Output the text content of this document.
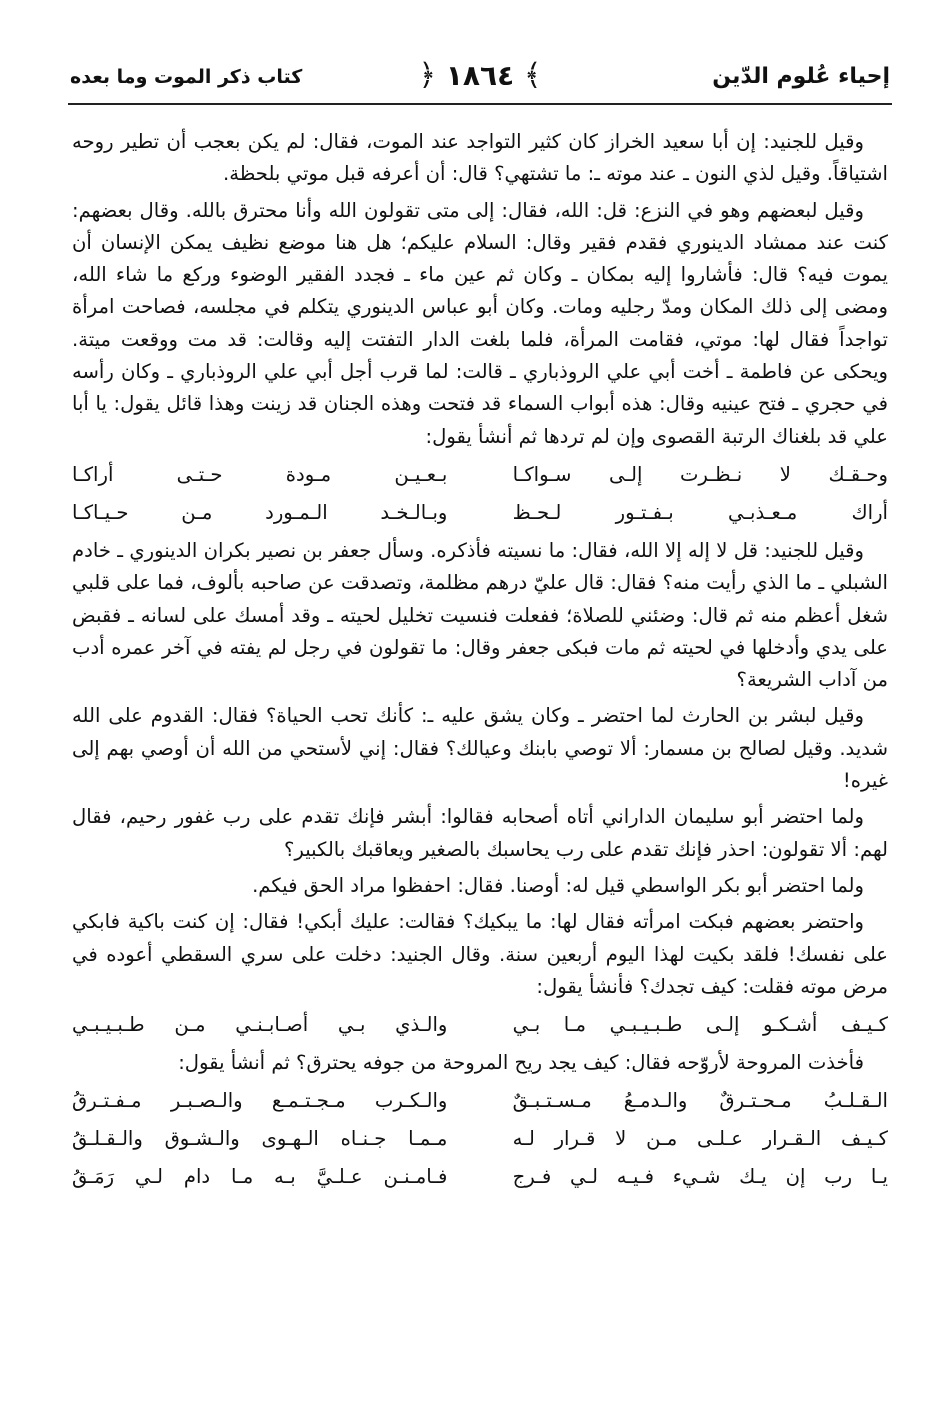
إحياء عُلوم الدّين
﴾ ١٨٦٤ ﴿
كتاب ذكر الموت وما بعده

وقيل للجنيد: إن أبا سعيد الخراز كان كثير التواجد عند الموت، فقال: لم يكن بعجب أن تطير روحه اشتياقاً. وقيل لذي النون ـ عند موته ـ: ما تشتهي؟ قال: أن أعرفه قبل موتي بلحظة.

وقيل لبعضهم وهو في النزع: قل: الله، فقال: إلى متى تقولون الله وأنا محترق بالله. وقال بعضهم: كنت عند ممشاد الدينوري فقدم فقير وقال: السلام عليكم؛ هل هنا موضع نظيف يمكن الإنسان أن يموت فيه؟ قال: فأشاروا إليه بمكان ـ وكان ثم عين ماء ـ فجدد الفقير الوضوء وركع ما شاء الله، ومضى إلى ذلك المكان ومدّ رجليه ومات. وكان أبو عباس الدينوري يتكلم في مجلسه، فصاحت امرأة تواجداً فقال لها: موتي، فقامت المرأة، فلما بلغت الدار التفتت إليه وقالت: قد مت ووقعت ميتة. ويحكى عن فاطمة ـ أخت أبي علي الروذباري ـ قالت: لما قرب أجل أبي علي الروذباري ـ وكان رأسه في حجري ـ فتح عينيه وقال: هذه أبواب السماء قد فتحت وهذه الجنان قد زينت وهذا قائل يقول: يا أبا علي قد بلغناك الرتبة القصوى وإن لم تردها ثم أنشأ يقول:

وحـقـك لا نـظـرت إلـى سـواكـا
بـعـيـن مـودة حـتـى أراكـا
أراك مـعـذبـي بـفـتـور لـحـظ
وبـالـخـد الـمـورد مـن حـيـاكـا

وقيل للجنيد: قل لا إله إلا الله، فقال: ما نسيته فأذكره. وسأل جعفر بن نصير بكران الدينوري ـ خادم الشبلي ـ ما الذي رأيت منه؟ فقال: قال عليّ درهم مظلمة، وتصدقت عن صاحبه بألوف، فما على قلبي شغل أعظم منه ثم قال: وضئني للصلاة؛ ففعلت فنسيت تخليل لحيته ـ وقد أمسك على لسانه ـ فقبض على يدي وأدخلها في لحيته ثم مات فبكى جعفر وقال: ما تقولون في رجل لم يفته في آخر عمره أدب من آداب الشريعة؟

وقيل لبشر بن الحارث لما احتضر ـ وكان يشق عليه ـ: كأنك تحب الحياة؟ فقال: القدوم على الله شديد. وقيل لصالح بن مسمار: ألا توصي بابنك وعيالك؟ فقال: إني لأستحي من الله أن أوصي بهم إلى غيره!

ولما احتضر أبو سليمان الداراني أتاه أصحابه فقالوا: أبشر فإنك تقدم على رب غفور رحيم، فقال لهم: ألا تقولون: احذر فإنك تقدم على رب يحاسبك بالصغير ويعاقبك بالكبير؟

ولما احتضر أبو بكر الواسطي قيل له: أوصنا. فقال: احفظوا مراد الحق فيكم.

واحتضر بعضهم فبكت امرأته فقال لها: ما يبكيك؟ فقالت: عليك أبكي! فقال: إن كنت باكية فابكي على نفسك! فلقد بكيت لهذا اليوم أربعين سنة. وقال الجنيد: دخلت على سري السقطي أعوده في مرض موته فقلت: كيف تجدك؟ فأنشأ يقول:

كـيـف أشـكـو إلـى طـبـيـبـي مـا بـي
والـذي بـي أصـابـنـي مـن طـبـيـبـي

فأخذت المروحة لأروّحه فقال: كيف يجد ريح المروحة من جوفه يحترق؟ ثم أنشأ يقول:

الـقـلـبُ مـحـتـرقٌ والـدمـعُ مـسـتـبـقٌ
والـكـرب مـجـتـمـع والـصـبـر مـفـتـرقُ
كـيـف الـقـرار عـلـى مـن لا قـرار لـه
مـمـا جـنـاه الـهـوى والـشـوق والـقـلـقُ
يـا رب إن يـك شـيء فـيـه لـي فـرج
فـامـنـن عـلـيَّ بـه مـا دام لـي رَمَـقُ
